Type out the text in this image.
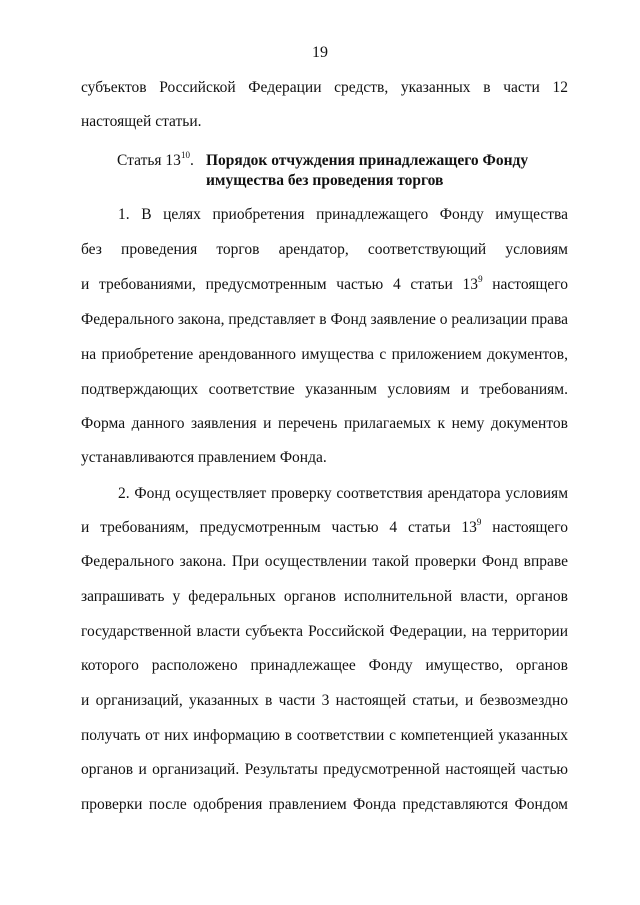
19
субъектов Российской Федерации средств, указанных в части 12
настоящей статьи.
Статья $13^{10}$. Порядок отчуждения принадлежащего Фонду
имущества без проведения торгов
1. В целях приобретения принадлежащего Фонду имущества
без проведения торгов арендатор, соответствующий условиям
и требованиями, предусмотренным частью 4 статьи $13^9$ настоящего
Федерального закона, представляет в Фонд заявление о реализации права
на приобретение арендованного имущества с приложением документов,
подтверждающих соответствие указанным условиям и требованиям.
Форма данного заявления и перечень прилагаемых к нему документов
устанавливаются правлением Фонда.
2. Фонд осуществляет проверку соответствия арендатора условиям
и требованиям, предусмотренным частью 4 статьи $13^9$ настоящего
Федерального закона. При осуществлении такой проверки Фонд вправе
запрашивать у федеральных органов исполнительной власти, органов
государственной власти субъекта Российской Федерации, на территории
которого расположено принадлежащее Фонду имущество, органов
и организаций, указанных в части 3 настоящей статьи, и безвозмездно
получать от них информацию в соответствии с компетенцией указанных
органов и организаций. Результаты предусмотренной настоящей частью
проверки после одобрения правлением Фонда представляются Фондом
